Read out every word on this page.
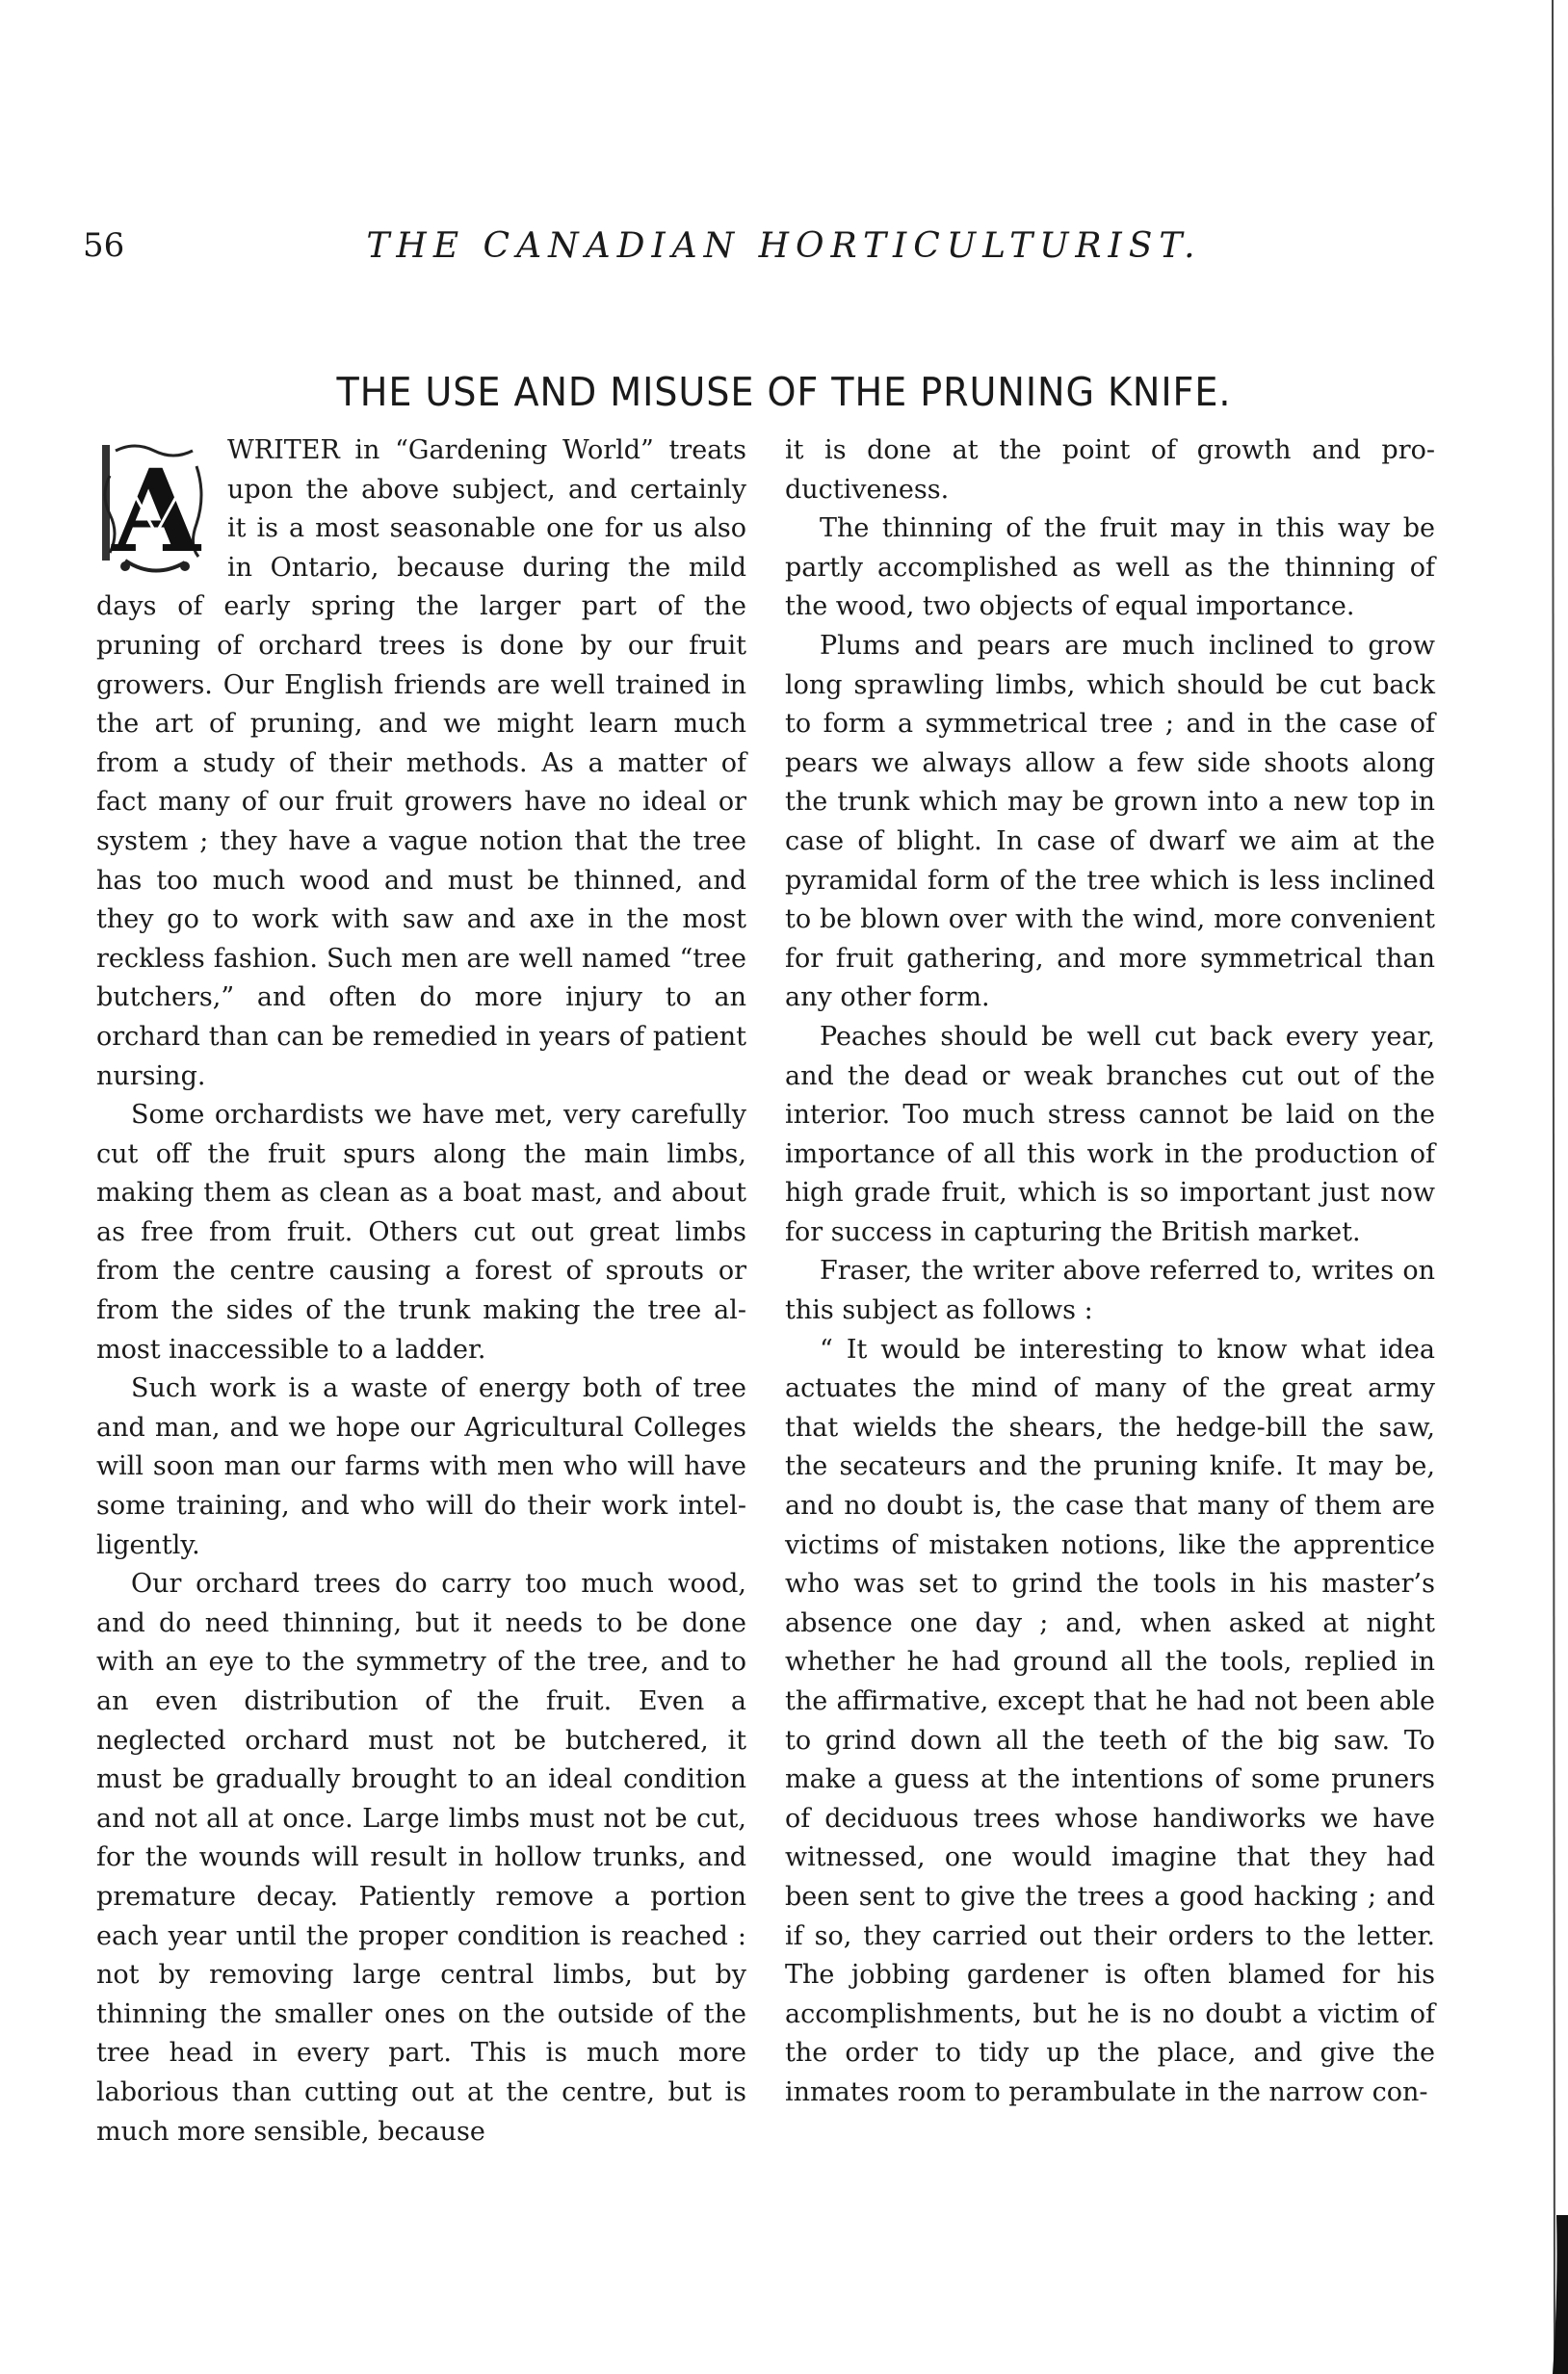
56	THE CANADIAN HORTICULTURIST.
THE USE AND MISUSE OF THE PRUNING KNIFE.

A WRITER in “Gardening World” treats upon the above subject, and certainly it is a most seasonable one for us also in Ontario, because during the mild days of early spring the larger part of the pruning of orchard trees is done by our fruit growers. Our English friends are well trained in the art of pruning, and we might learn much from a study of their methods. As a matter of fact many of our fruit growers have no ideal or system ; they have a vague notion that the tree has too much wood and must be thinned, and they go to work with saw and axe in the most reckless fashion. Such men are well named “tree butchers,” and often do more injury to an orchard than can be remedied in years of patient nursing.

Some orchardists we have met, very carefully cut off the fruit spurs along the main limbs, making them as clean as a boat mast, and about as free from fruit. Others cut out great limbs from the centre causing a forest of sprouts or from the sides of the trunk making the tree almost inaccessible to a ladder.

Such work is a waste of energy both of tree and man, and we hope our Agricultural Colleges will soon man our farms with men who will have some training, and who will do their work intelligently.

Our orchard trees do carry too much wood, and do need thinning, but it needs to be done with an eye to the symmetry of the tree, and to an even distribution of the fruit. Even a neglected orchard must not be butchered, it must be gradually brought to an ideal condition and not all at once. Large limbs must not be cut, for the wounds will result in hollow trunks, and premature decay. Patiently remove a portion each year until the proper condition is reached : not by removing large central limbs, but by thinning the smaller ones on the outside of the tree head in every part. This is much more laborious than cutting out at the centre, but is much more sensible, because

it is done at the point of growth and productiveness.

The thinning of the fruit may in this way be partly accomplished as well as the thinning of the wood, two objects of equal importance.

Plums and pears are much inclined to grow long sprawling limbs, which should be cut back to form a symmetrical tree ; and in the case of pears we always allow a few side shoots along the trunk which may be grown into a new top in case of blight. In case of dwarf we aim at the pyramidal form of the tree which is less inclined to be blown over with the wind, more convenient for fruit gathering, and more symmetrical than any other form.

Peaches should be well cut back every year, and the dead or weak branches cut out of the interior. Too much stress cannot be laid on the importance of all this work in the production of high grade fruit, which is so important just now for success in capturing the British market.

Fraser, the writer above referred to, writes on this subject as follows :

“ It would be interesting to know what idea actuates the mind of many of the great army that wields the shears, the hedge-bill the saw, the secateurs and the pruning knife. It may be, and no doubt is, the case that many of them are victims of mistaken notions, like the apprentice who was set to grind the tools in his master’s absence one day ; and, when asked at night whether he had ground all the tools, replied in the affirmative, except that he had not been able to grind down all the teeth of the big saw. To make a guess at the intentions of some pruners of deciduous trees whose handiworks we have witnessed, one would imagine that they had been sent to give the trees a good hacking ; and if so, they carried out their orders to the letter. The jobbing gardener is often blamed for his accomplishments, but he is no doubt a victim of the order to tidy up the place, and give the inmates room to perambulate in the narrow con-
